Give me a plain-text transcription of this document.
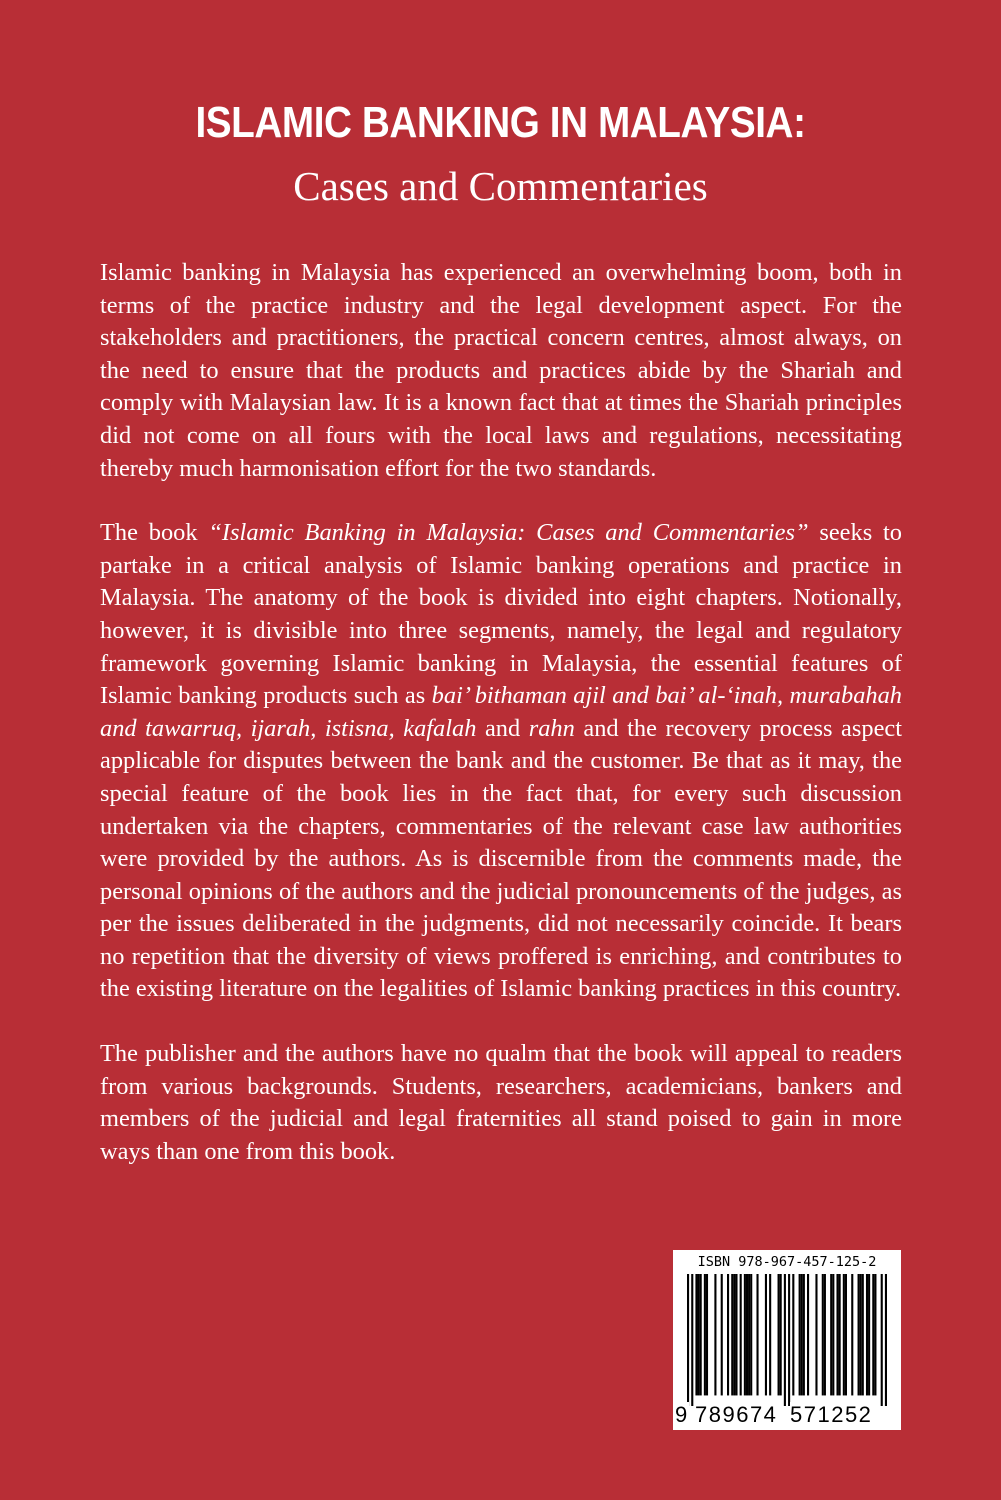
ISLAMIC BANKING IN MALAYSIA:
Cases and Commentaries

Islamic banking in Malaysia has experienced an overwhelming boom, both in terms of the practice industry and the legal development aspect. For the stakeholders and practitioners, the practical concern centres, almost always, on the need to ensure that the products and practices abide by the Shariah and comply with Malaysian law. It is a known fact that at times the Shariah principles did not come on all fours with the local laws and regulations, necessitating thereby much harmonisation effort for the two standards.

The book “Islamic Banking in Malaysia: Cases and Commentaries” seeks to partake in a critical analysis of Islamic banking operations and practice in Malaysia. The anatomy of the book is divided into eight chapters. Notionally, however, it is divisible into three segments, namely, the legal and regulatory framework governing Islamic banking in Malaysia, the essential features of Islamic banking products such as bai’ bithaman ajil and bai’ al-‘inah, murabahah and tawarruq, ijarah, istisna, kafalah and rahn and the recovery process aspect applicable for disputes between the bank and the customer. Be that as it may, the special feature of the book lies in the fact that, for every such discussion undertaken via the chapters, commentaries of the relevant case law authorities were provided by the authors. As is discernible from the comments made, the personal opinions of the authors and the judicial pronouncements of the judges, as per the issues deliberated in the judgments, did not necessarily coincide. It bears no repetition that the diversity of views proffered is enriching, and contributes to the existing literature on the legalities of Islamic banking practices in this country.

The publisher and the authors have no qualm that the book will appeal to readers from various backgrounds. Students, researchers, academicians, bankers and members of the judicial and legal fraternities all stand poised to gain in more ways than one from this book.

ISBN 978-967-457-125-2
9 789674 571252
